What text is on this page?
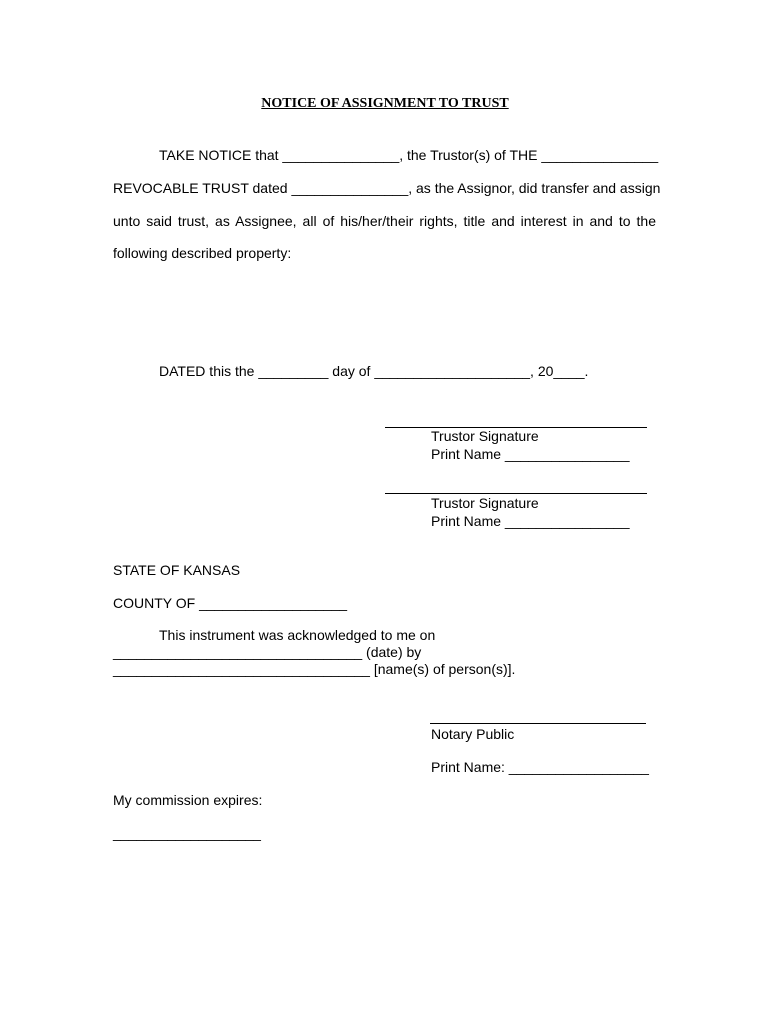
NOTICE OF ASSIGNMENT TO TRUST
TAKE NOTICE that _______________, the Trustor(s) of THE _______________
REVOCABLE TRUST dated _______________, as the Assignor, did transfer and assign
unto said trust, as Assignee, all of his/her/their rights, title and interest in and to the
following described property:
DATED this the _________ day of ____________________, 20____.
Trustor Signature
Print Name ________________
Trustor Signature
Print Name ________________
STATE OF KANSAS
COUNTY OF ___________________
This instrument was acknowledged to me on
________________________________ (date) by
_________________________________ [name(s) of person(s)].
Notary Public
Print Name: __________________
My commission expires:
___________________
